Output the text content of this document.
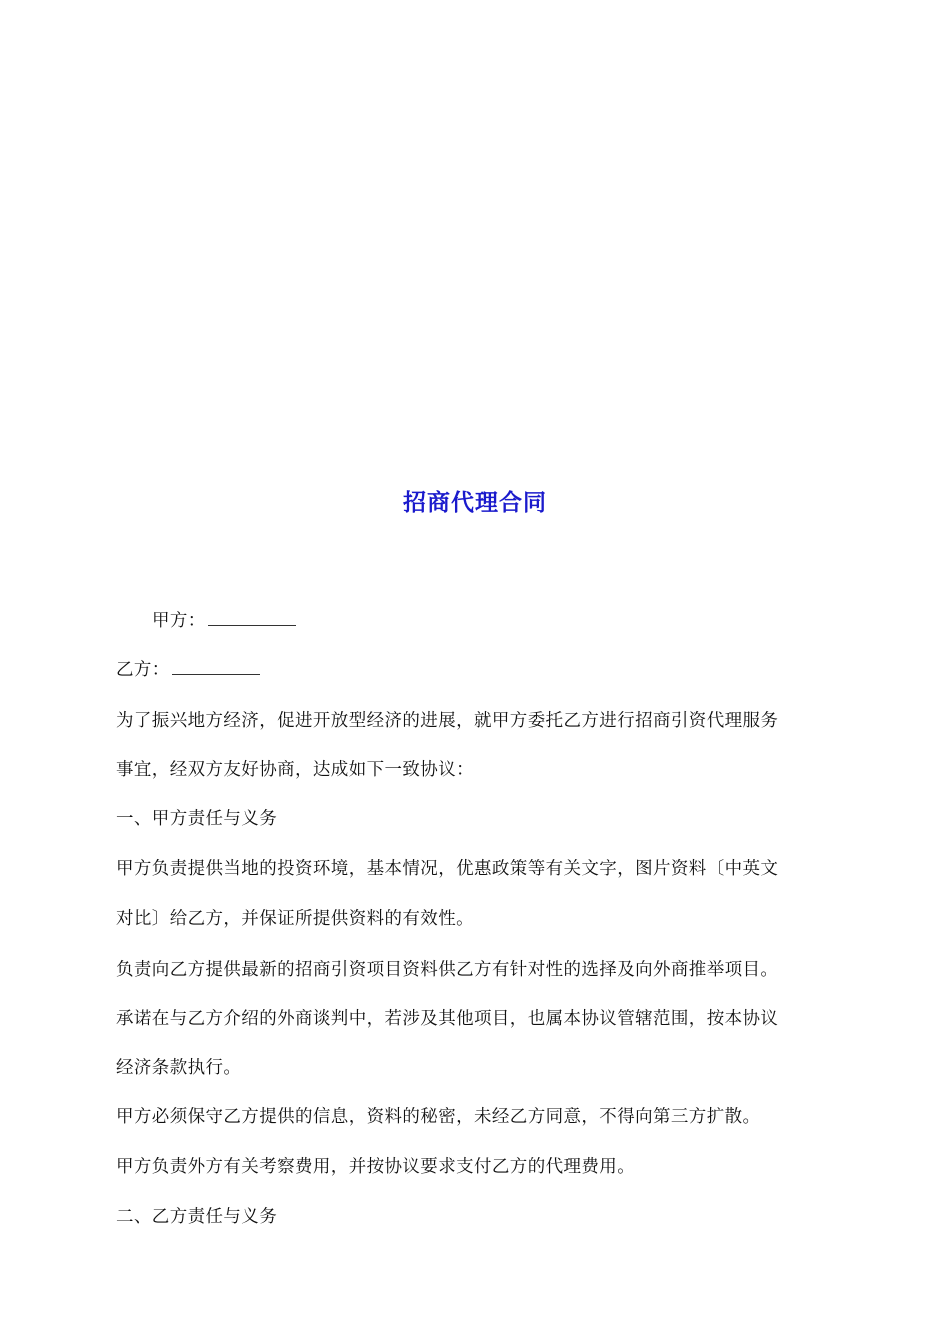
招商代理合同
甲方：
乙方：
为了振兴地方经济，促进开放型经济的进展，就甲方委托乙方进行招商引资代理服务
事宜，经双方友好协商，达成如下一致协议：
一、甲方责任与义务
甲方负责提供当地的投资环境，基本情况，优惠政策等有关文字，图片资料〔中英文
对比〕给乙方，并保证所提供资料的有效性。
负责向乙方提供最新的招商引资项目资料供乙方有针对性的选择及向外商推举项目。
承诺在与乙方介绍的外商谈判中，若涉及其他项目，也属本协议管辖范围，按本协议
经济条款执行。
甲方必须保守乙方提供的信息，资料的秘密，未经乙方同意，不得向第三方扩散。
甲方负责外方有关考察费用，并按协议要求支付乙方的代理费用。
二、乙方责任与义务
